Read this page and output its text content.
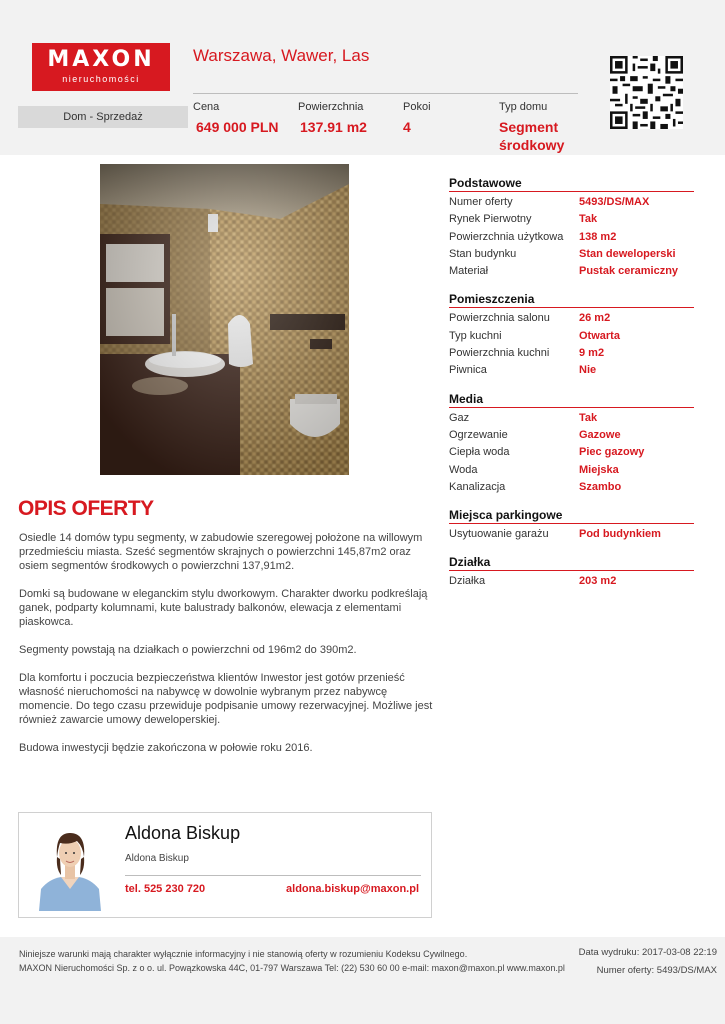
MAXON
nieruchomości
Warszawa, Wawer, Las
Dom - Sprzedaż
Cena
649 000 PLN
Powierzchnia
137.91 m2
Pokoi
4
Typ domu
Segment
środkowy
Podstawowe
Numer oferty	5493/DS/MAX
Rynek Pierwotny	Tak
Powierzchnia użytkowa	138 m2
Stan budynku	Stan deweloperski
Materiał	Pustak ceramiczny
Pomieszczenia
Powierzchnia salonu	26 m2
Typ kuchni	Otwarta
Powierzchnia kuchni	9 m2
Piwnica	Nie
Media
Gaz	Tak
Ogrzewanie	Gazowe
Ciepła woda	Piec gazowy
Woda	Miejska
Kanalizacja	Szambo
Miejsca parkingowe
Usytuowanie garażu	Pod budynkiem
Działka
Działka	203 m2
OPIS OFERTY

Osiedle 14 domów typu segmenty, w zabudowie szeregowej położone na willowym przedmieściu miasta. Sześć segmentów skrajnych o powierzchni 145,87m2 oraz osiem segmentów środkowych o powierzchni 137,91m2.

Domki są budowane w eleganckim stylu dworkowym. Charakter dworku podkreślają ganek, podparty kolumnami, kute balustrady balkonów, elewacja z elementami piaskowca.

Segmenty powstają na działkach o powierzchni od 196m2 do 390m2.

Dla komfortu i poczucia bezpieczeństwa klientów Inwestor jest gotów przenieść własność nieruchomości na nabywcę w dowolnie wybranym przez nabywcę momencie. Do tego czasu przewiduje podpisanie umowy rezerwacyjnej. Możliwe jest również zawarcie umowy deweloperskiej.

Budowa inwestycji będzie zakończona w połowie roku 2016.

Aldona Biskup
Aldona Biskup
tel. 525 230 720	aldona.biskup@maxon.pl
Niniejsze warunki mają charakter wyłącznie informacyjny i nie stanowią oferty w rozumieniu Kodeksu Cywilnego.
MAXON Nieruchomości Sp. z o o. ul. Powązkowska 44C, 01-797 Warszawa Tel: (22) 530 60 00 e-mail: maxon@maxon.pl www.maxon.pl
Data wydruku: 2017-03-08 22:19
Numer oferty: 5493/DS/MAX
